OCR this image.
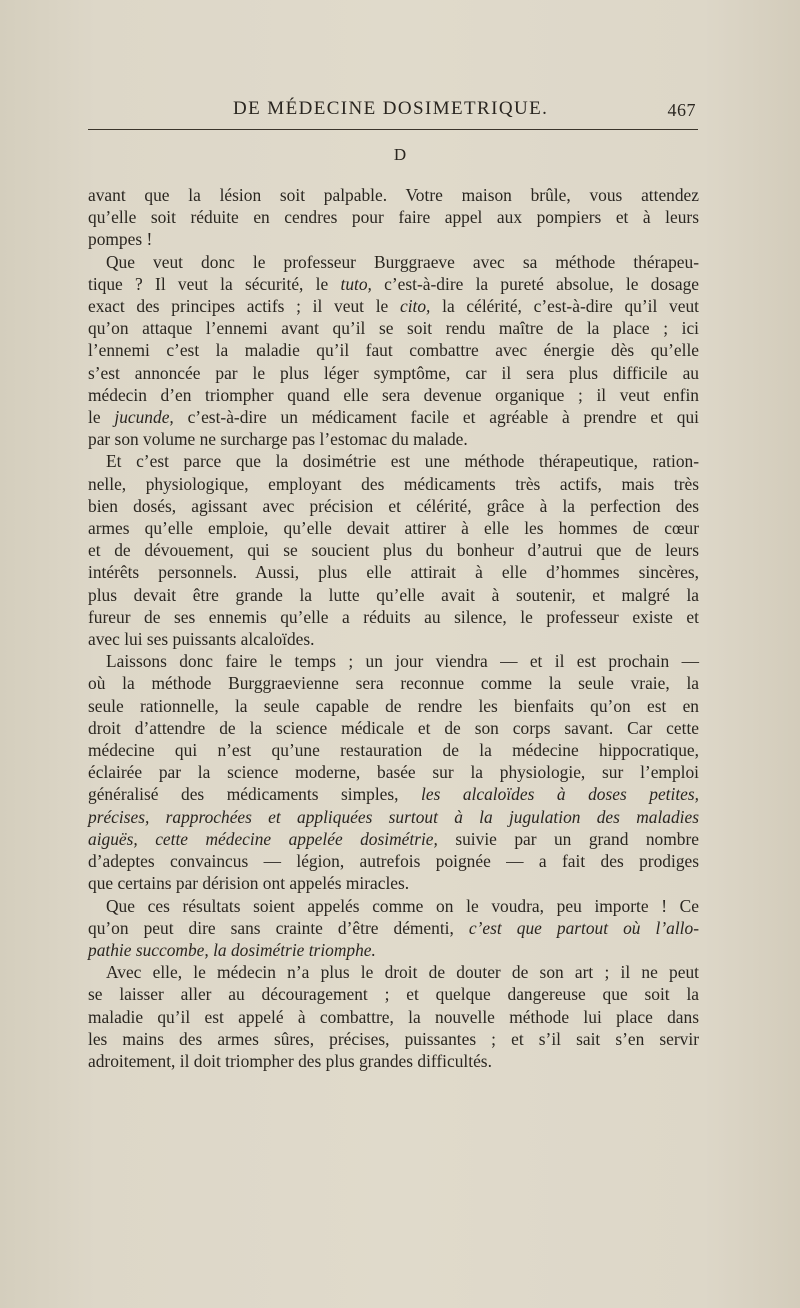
DE MÉDECINE DOSIMETRIQUE.	467
D

avant que la lésion soit palpable. Votre maison brûle, vous attendez
qu’elle soit réduite en cendres pour faire appel aux pompiers et à leurs
pompes !

Que veut donc le professeur Burggraeve avec sa méthode thérapeu-
tique ? Il veut la sécurité, le tuto, c’est-à-dire la pureté absolue, le dosage
exact des principes actifs ; il veut le cito, la célérité, c’est-à-dire qu’il veut
qu’on attaque l’ennemi avant qu’il se soit rendu maître de la place ; ici
l’ennemi c’est la maladie qu’il faut combattre avec énergie dès qu’elle
s’est annoncée par le plus léger symptôme, car il sera plus difficile au
médecin d’en triompher quand elle sera devenue organique ; il veut enfin
le jucunde, c’est-à-dire un médicament facile et agréable à prendre et qui
par son volume ne surcharge pas l’estomac du malade.

Et c’est parce que la dosimétrie est une méthode thérapeutique, ration-
nelle, physiologique, employant des médicaments très actifs, mais très
bien dosés, agissant avec précision et célérité, grâce à la perfection des
armes qu’elle emploie, qu’elle devait attirer à elle les hommes de cœur
et de dévouement, qui se soucient plus du bonheur d’autrui que de leurs
intérêts personnels. Aussi, plus elle attirait à elle d’hommes sincères,
plus devait être grande la lutte qu’elle avait à soutenir, et malgré la
fureur de ses ennemis qu’elle a réduits au silence, le professeur existe et
avec lui ses puissants alcaloïdes.

Laissons donc faire le temps ; un jour viendra — et il est prochain —
où la méthode Burggraevienne sera reconnue comme la seule vraie, la
seule rationnelle, la seule capable de rendre les bienfaits qu’on est en
droit d’attendre de la science médicale et de son corps savant. Car cette
médecine qui n’est qu’une restauration de la médecine hippocratique,
éclairée par la science moderne, basée sur la physiologie, sur l’emploi
généralisé des médicaments simples, les alcaloïdes à doses petites,
précises, rapprochées et appliquées surtout à la jugulation des maladies
aiguës, cette médecine appelée dosimétrie, suivie par un grand nombre
d’adeptes convaincus — légion, autrefois poignée — a fait des prodiges
que certains par dérision ont appelés miracles.

Que ces résultats soient appelés comme on le voudra, peu importe ! Ce
qu’on peut dire sans crainte d’être démenti, c’est que partout où l’allo-
pathie succombe, la dosimétrie triomphe.

Avec elle, le médecin n’a plus le droit de douter de son art ; il ne peut
se laisser aller au découragement ; et quelque dangereuse que soit la
maladie qu’il est appelé à combattre, la nouvelle méthode lui place dans
les mains des armes sûres, précises, puissantes ; et s’il sait s’en servir
adroitement, il doit triompher des plus grandes difficultés.
